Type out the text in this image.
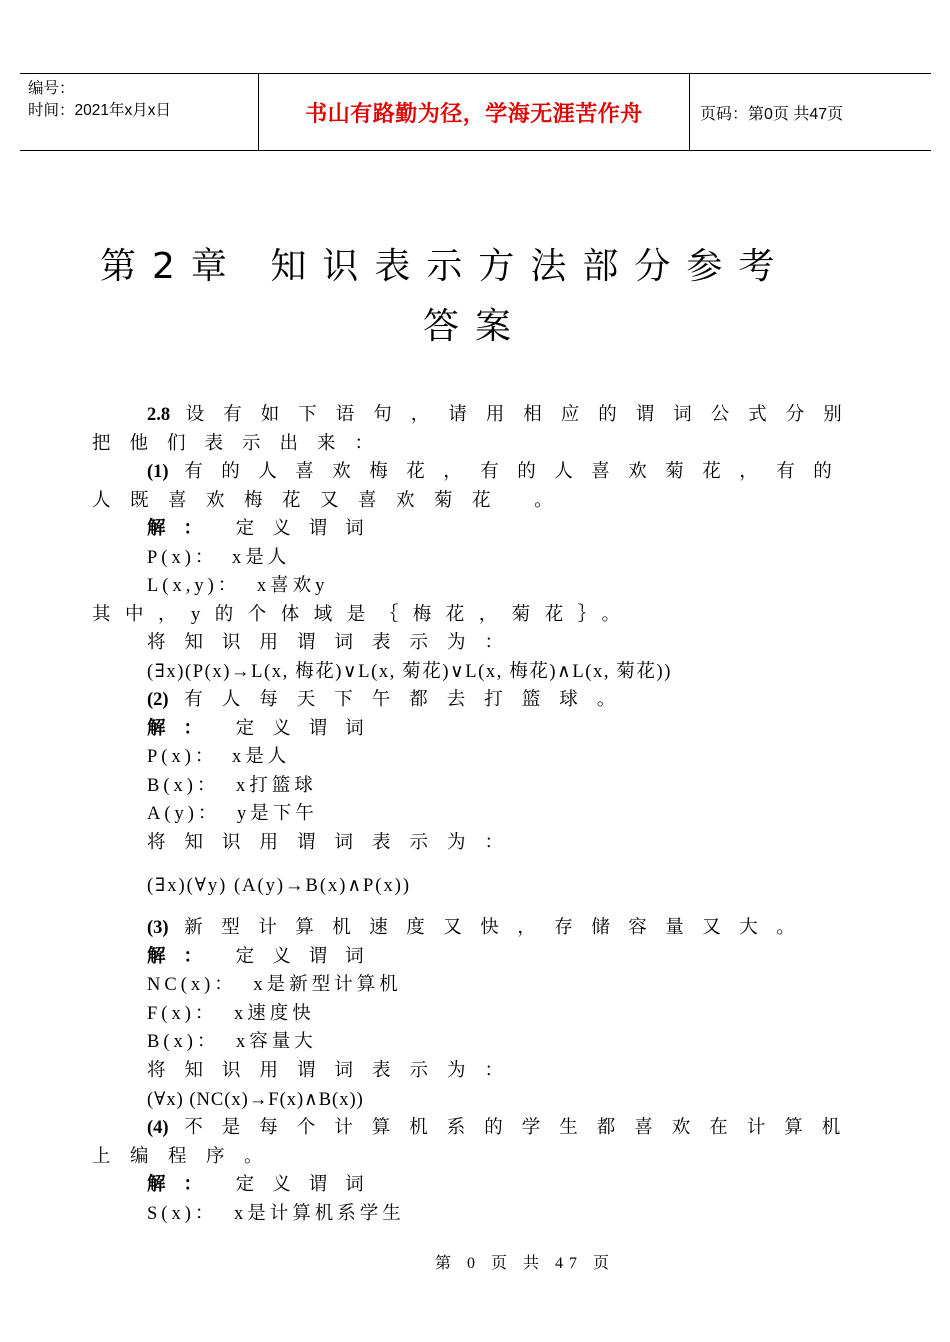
编号：
时间：2021年x月x日	书山有路勤为径，学海无涯苦作舟	页码：第0页 共47页
第2章 知识表示方法部分参考
答案
2.8 设有如下语句，请用相应的谓词公式分别
把他们表示出来：
(1) 有的人喜欢梅花，有的人喜欢菊花，有的
人既喜欢梅花又喜欢菊花 。
解： 定义谓词
P(x)： x是人
L(x,y)： x喜欢y
其中，y的个体域是｛梅花，菊花｝。
将知识用谓词表示为：
(∃x)(P(x)→L(x, 梅花)∨L(x, 菊花)∨L(x, 梅花)∧L(x, 菊花))
(2) 有人每天下午都去打篮球。
解： 定义谓词
P(x)： x是人
B(x)： x打篮球
A(y)： y是下午
将知识用谓词表示为：
(∃x)(∀y) (A(y)→B(x)∧P(x))
(3) 新型计算机速度又快，存储容量又大。
解： 定义谓词
NC(x)： x是新型计算机
F(x)： x速度快
B(x)： x容量大
将知识用谓词表示为：
(∀x) (NC(x)→F(x)∧B(x))
(4) 不是每个计算机系的学生都喜欢在计算机
上编程序。
解： 定义谓词
S(x)： x是计算机系学生
第 0 页 共 47 页
